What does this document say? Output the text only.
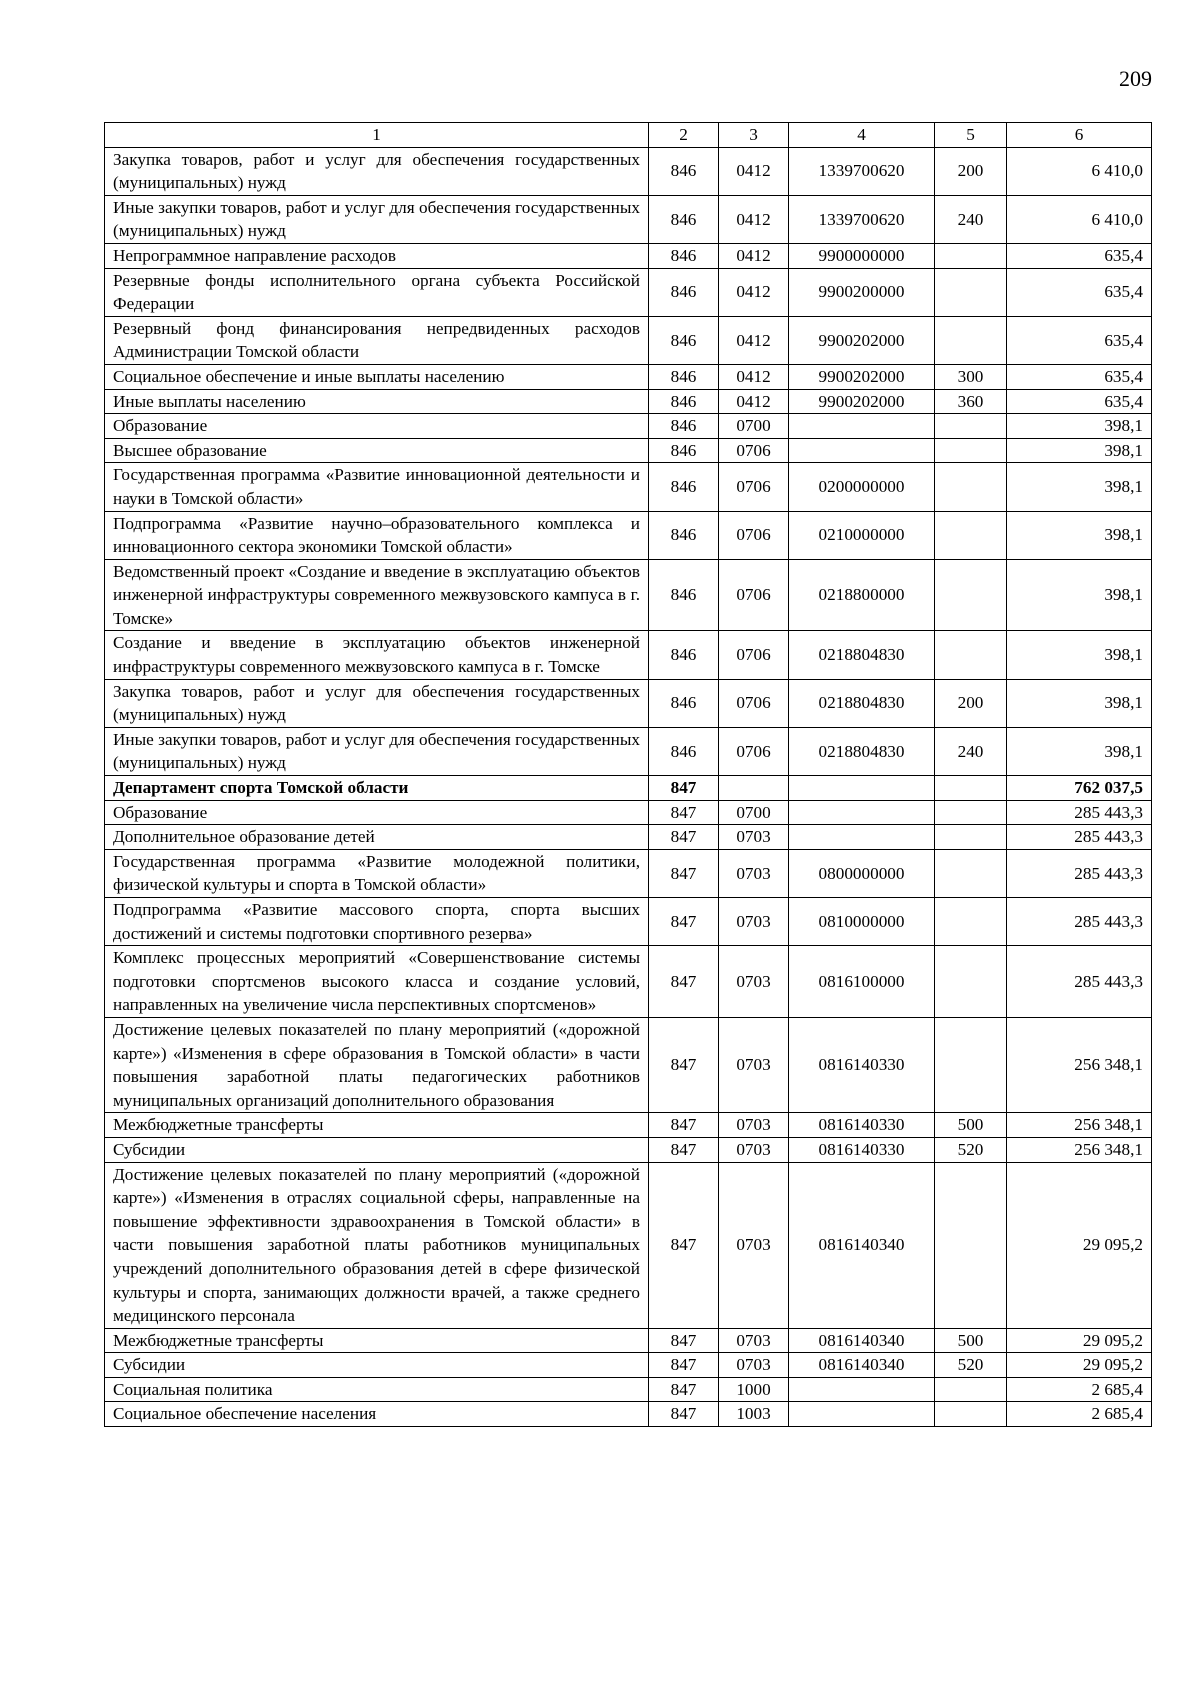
209
1	2	3	4	5	6
Закупка товаров, работ и услуг для обеспечения государственных (муниципальных) нужд	846	0412	1339700620	200	6 410,0
Иные закупки товаров, работ и услуг для обеспечения государственных (муниципальных) нужд	846	0412	1339700620	240	6 410,0
Непрограммное направление расходов	846	0412	9900000000		635,4
Резервные фонды исполнительного органа субъекта Российской Федерации	846	0412	9900200000		635,4
Резервный фонд финансирования непредвиденных расходов Администрации Томской области	846	0412	9900202000		635,4
Социальное обеспечение и иные выплаты населению	846	0412	9900202000	300	635,4
Иные выплаты населению	846	0412	9900202000	360	635,4
Образование	846	0700			398,1
Высшее образование	846	0706			398,1
Государственная программа «Развитие инновационной деятельности и науки в Томской области»	846	0706	0200000000		398,1
Подпрограмма «Развитие научно–образовательного комплекса и инновационного сектора экономики Томской области»	846	0706	0210000000		398,1
Ведомственный проект «Создание и введение в эксплуатацию объектов инженерной инфраструктуры современного межвузовского кампуса в г. Томске»	846	0706	0218800000		398,1
Создание и введение в эксплуатацию объектов инженерной инфраструктуры современного межвузовского кампуса в г. Томске	846	0706	0218804830		398,1
Закупка товаров, работ и услуг для обеспечения государственных (муниципальных) нужд	846	0706	0218804830	200	398,1
Иные закупки товаров, работ и услуг для обеспечения государственных (муниципальных) нужд	846	0706	0218804830	240	398,1
Департамент спорта Томской области	847				762 037,5
Образование	847	0700			285 443,3
Дополнительное образование детей	847	0703			285 443,3
Государственная программа «Развитие молодежной политики, физической культуры и спорта в Томской области»	847	0703	0800000000		285 443,3
Подпрограмма «Развитие массового спорта, спорта высших достижений и системы подготовки спортивного резерва»	847	0703	0810000000		285 443,3
Комплекс процессных мероприятий «Совершенствование системы подготовки спортсменов высокого класса и создание условий, направленных на увеличение числа перспективных спортсменов»	847	0703	0816100000		285 443,3
Достижение целевых показателей по плану мероприятий («дорожной карте») «Изменения в сфере образования в Томской области» в части повышения заработной платы педагогических работников муниципальных организаций дополнительного образования	847	0703	0816140330		256 348,1
Межбюджетные трансферты	847	0703	0816140330	500	256 348,1
Субсидии	847	0703	0816140330	520	256 348,1
Достижение целевых показателей по плану мероприятий («дорожной карте») «Изменения в отраслях социальной сферы, направленные на повышение эффективности здравоохранения в Томской области» в части повышения заработной платы работников муниципальных учреждений дополнительного образования детей в сфере физической культуры и спорта, занимающих должности врачей, а также среднего медицинского персонала	847	0703	0816140340		29 095,2
Межбюджетные трансферты	847	0703	0816140340	500	29 095,2
Субсидии	847	0703	0816140340	520	29 095,2
Социальная политика	847	1000			2 685,4
Социальное обеспечение населения	847	1003			2 685,4
